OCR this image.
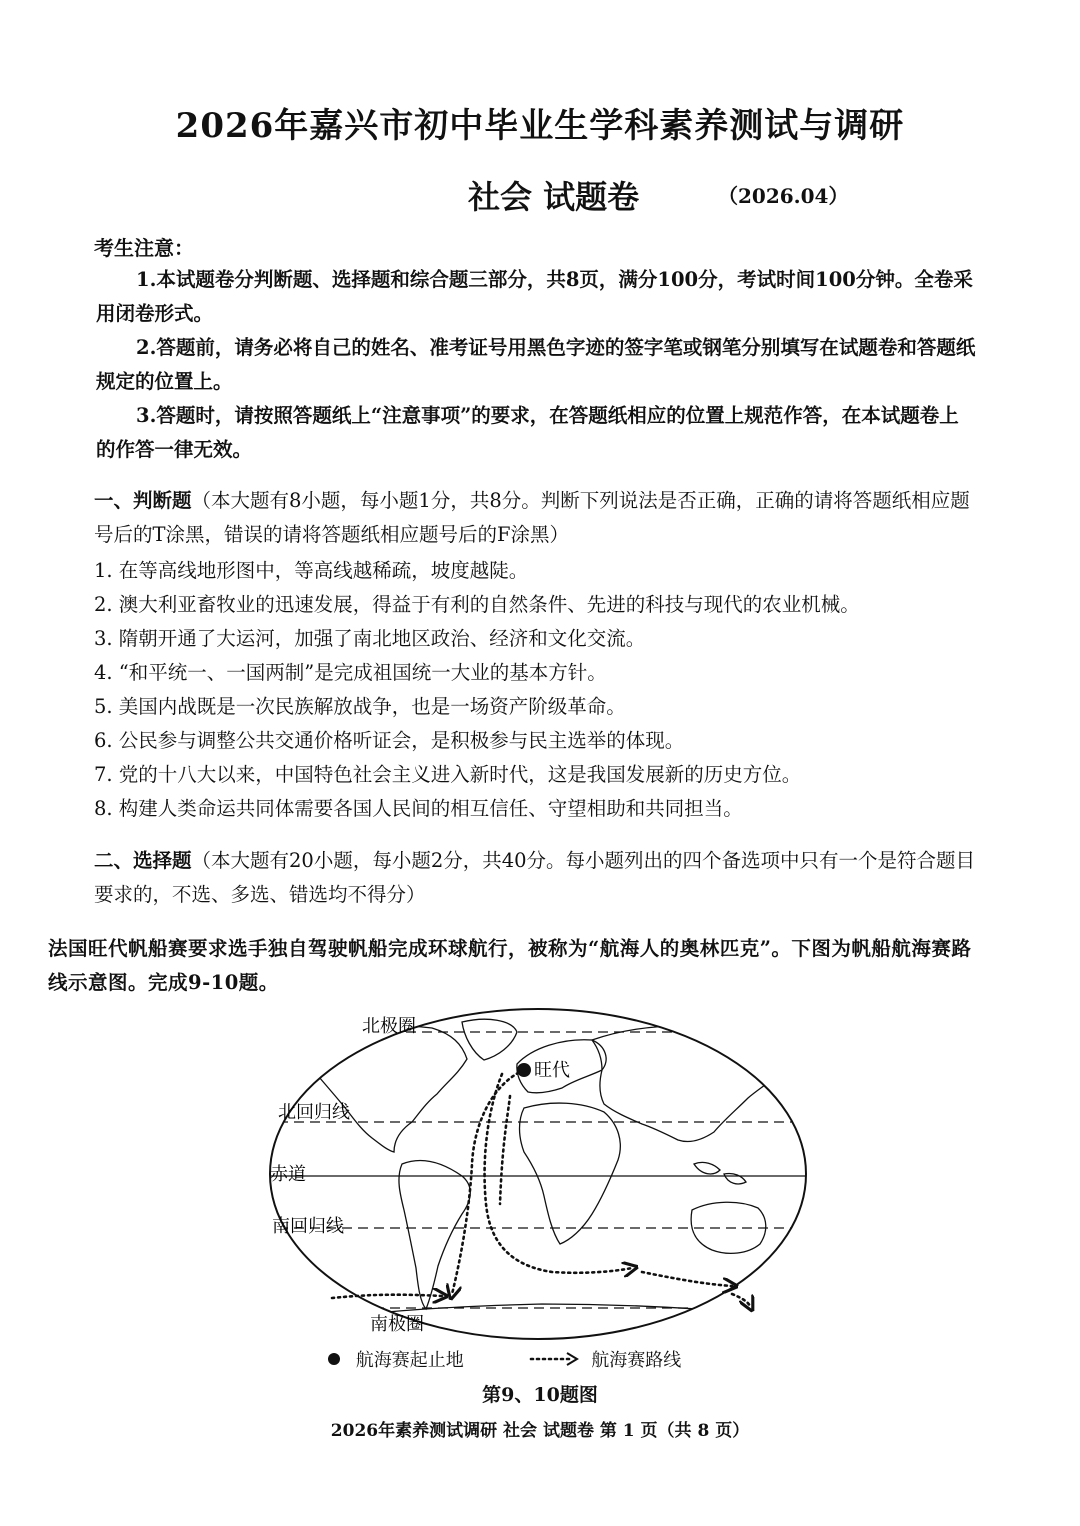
2026年嘉兴市初中毕业生学科素养测试与调研
社会 试题卷	（2026.04）
考生注意：
1.本试题卷分判断题、选择题和综合题三部分，共8页，满分100分，考试时间100分钟。全卷采用闭卷形式。
2.答题前，请务必将自己的姓名、准考证号用黑色字迹的签字笔或钢笔分别填写在试题卷和答题纸规定的位置上。
3.答题时，请按照答题纸上“注意事项”的要求，在答题纸相应的位置上规范作答，在本试题卷上的作答一律无效。
一、判断题（本大题有8小题，每小题1分，共8分。判断下列说法是否正确，正确的请将答题纸相应题号后的T涂黑，错误的请将答题纸相应题号后的F涂黑）
1. 在等高线地形图中，等高线越稀疏，坡度越陡。
2. 澳大利亚畜牧业的迅速发展，得益于有利的自然条件、先进的科技与现代的农业机械。
3. 隋朝开通了大运河，加强了南北地区政治、经济和文化交流。
4. “和平统一、一国两制”是完成祖国统一大业的基本方针。
5. 美国内战既是一次民族解放战争，也是一场资产阶级革命。
6. 公民参与调整公共交通价格听证会，是积极参与民主选举的体现。
7. 党的十八大以来，中国特色社会主义进入新时代，这是我国发展新的历史方位。
8. 构建人类命运共同体需要各国人民间的相互信任、守望相助和共同担当。
二、选择题（本大题有20小题，每小题2分，共40分。每小题列出的四个备选项中只有一个是符合题目要求的，不选、多选、错选均不得分）
法国旺代帆船赛要求选手独自驾驶帆船完成环球航行，被称为“航海人的奥林匹克”。下图为帆船航海赛路线示意图。完成9-10题。
北极圈
旺代
北回归线
赤道
南回归线
南极圈
航海赛起止地	航海赛路线
第9、10题图
2026年素养测试调研 社会 试题卷 第 1 页（共 8 页）
